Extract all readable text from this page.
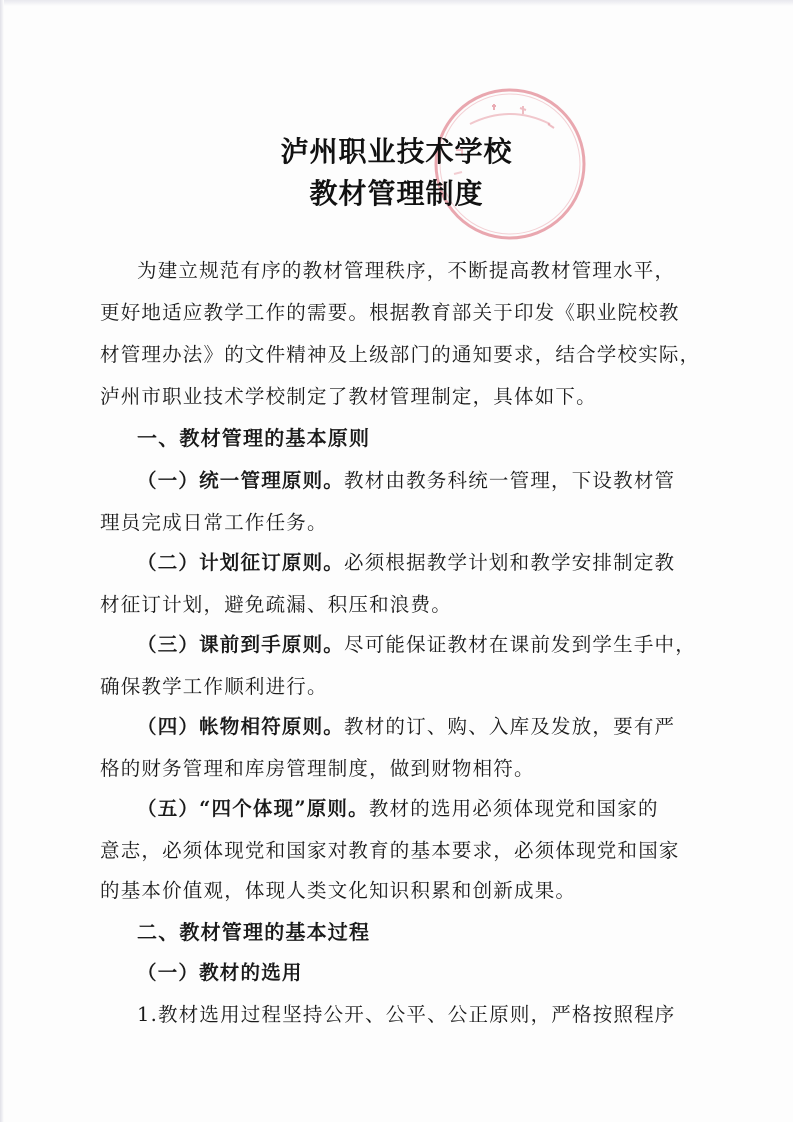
泸州职业技术学校
教材管理制度
为建立规范有序的教材管理秩序，不断提高教材管理水平，
更好地适应教学工作的需要。根据教育部关于印发《职业院校教
材管理办法》的文件精神及上级部门的通知要求，结合学校实际，
泸州市职业技术学校制定了教材管理制定，具体如下。
一、教材管理的基本原则
（一）统一管理原则。教材由教务科统一管理，下设教材管
理员完成日常工作任务。
（二）计划征订原则。必须根据教学计划和教学安排制定教
材征订计划，避免疏漏、积压和浪费。
（三）课前到手原则。尽可能保证教材在课前发到学生手中，
确保教学工作顺利进行。
（四）帐物相符原则。教材的订、购、入库及发放，要有严
格的财务管理和库房管理制度，做到财物相符。
（五）“四个体现”原则。教材的选用必须体现党和国家的
意志，必须体现党和国家对教育的基本要求，必须体现党和国家
的基本价值观，体现人类文化知识积累和创新成果。
二、教材管理的基本过程
（一）教材的选用
1.教材选用过程坚持公开、公平、公正原则，严格按照程序
